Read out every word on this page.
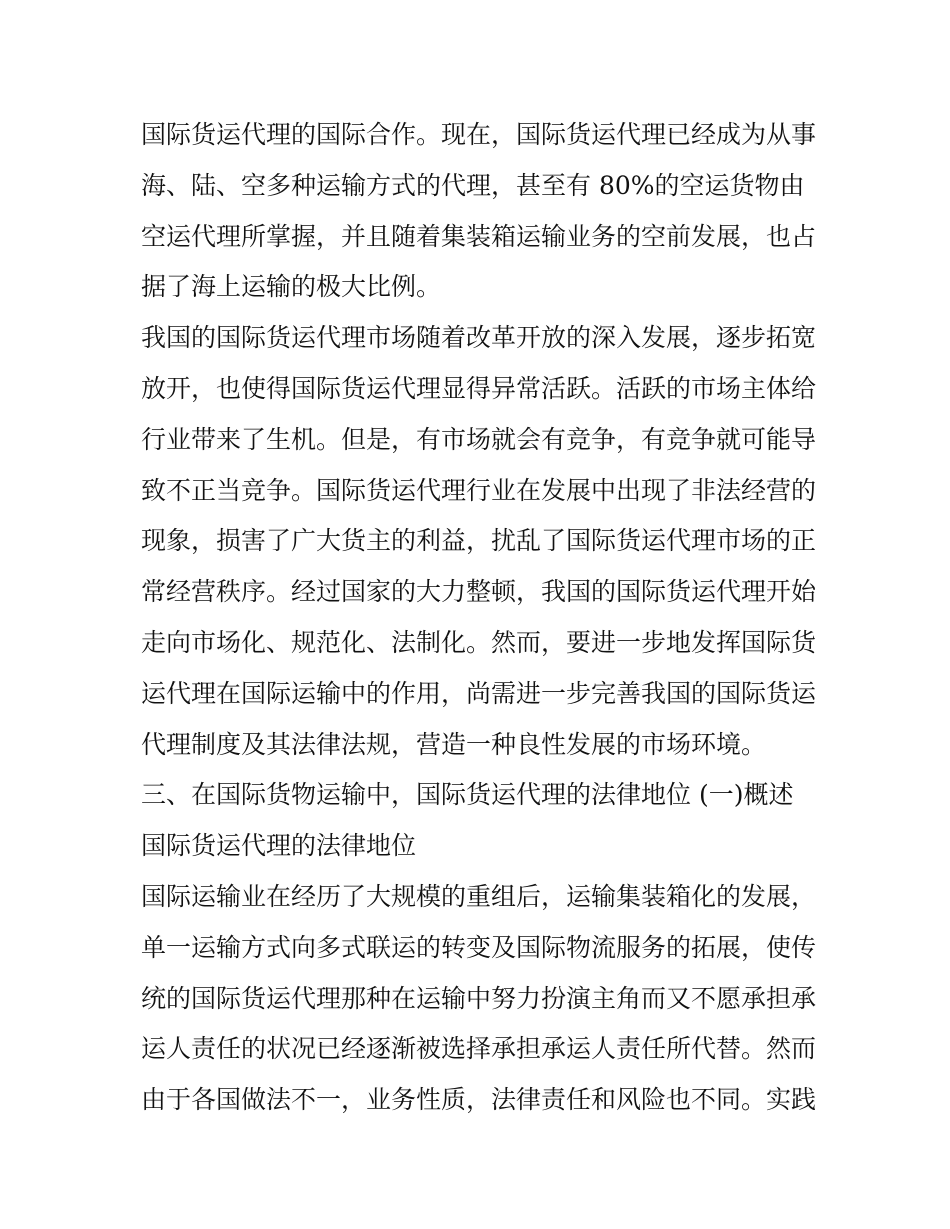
国际货运代理的国际合作。现在，国际货运代理已经成为从事
海、陆、空多种运输方式的代理，甚至有 80%的空运货物由
空运代理所掌握，并且随着集装箱运输业务的空前发展，也占
据了海上运输的极大比例。
我国的国际货运代理市场随着改革开放的深入发展，逐步拓宽
放开，也使得国际货运代理显得异常活跃。活跃的市场主体给
行业带来了生机。但是，有市场就会有竞争，有竞争就可能导
致不正当竞争。国际货运代理行业在发展中出现了非法经营的
现象，损害了广大货主的利益，扰乱了国际货运代理市场的正
常经营秩序。经过国家的大力整顿，我国的国际货运代理开始
走向市场化、规范化、法制化。然而，要进一步地发挥国际货
运代理在国际运输中的作用，尚需进一步完善我国的国际货运
代理制度及其法律法规，营造一种良性发展的市场环境。
三、在国际货物运输中，国际货运代理的法律地位 (一)概述
国际货运代理的法律地位
国际运输业在经历了大规模的重组后，运输集装箱化的发展，
单一运输方式向多式联运的转变及国际物流服务的拓展，使传
统的国际货运代理那种在运输中努力扮演主角而又不愿承担承
运人责任的状况已经逐渐被选择承担承运人责任所代替。然而
由于各国做法不一，业务性质，法律责任和风险也不同。实践
